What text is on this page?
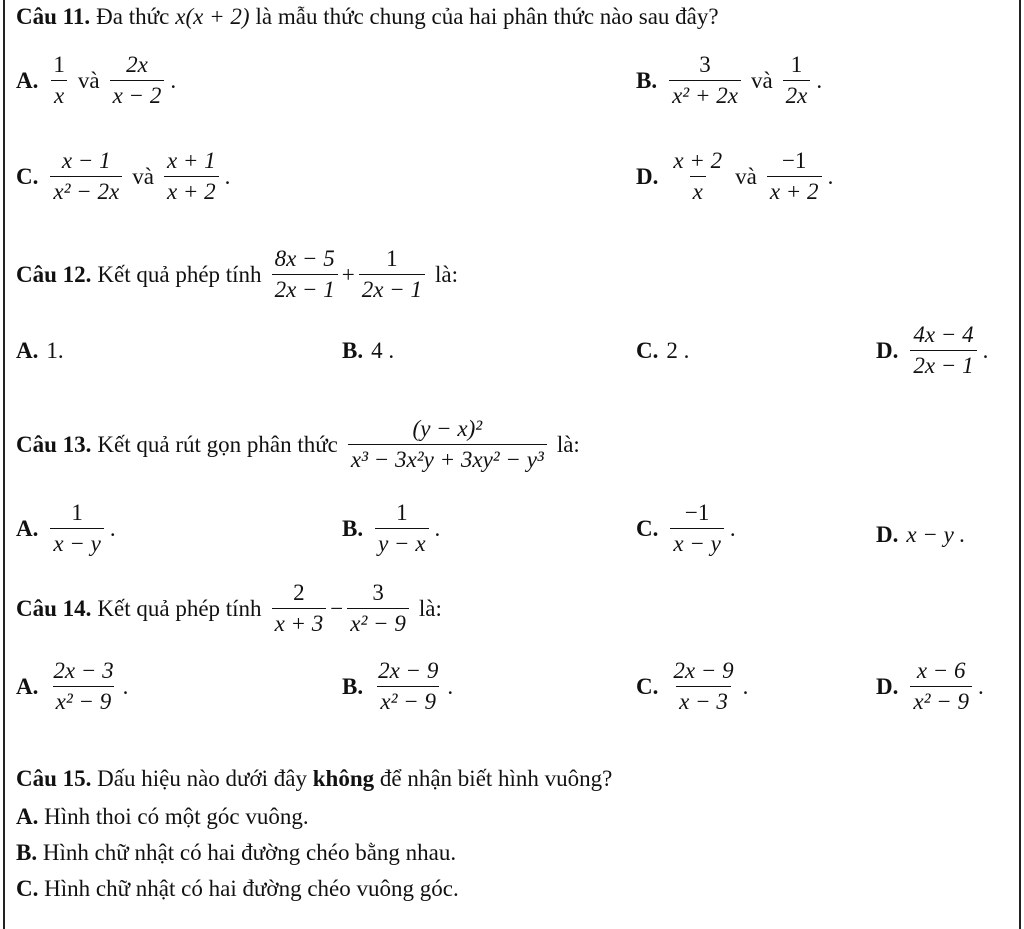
Câu 11. Đa thức x(x + 2) là mẫu thức chung của hai phân thức nào sau đây?
A. $\frac{1}{x}$ và $\frac{2x}{x - 2}$ .	B. $\frac{3}{\text{x² + 2x}}$ và $\frac{1}{2x}$ .
C. $\frac{x - 1}{\text{x² − 2x}}$ và $\frac{x + 1}{x + 2}$ .	D. $\frac{x + 2}{x}$ và $\frac{-1}{x + 2}$ .
Câu 12. Kết quả phép tính $\frac{8x - 5}{2x - 1} + \frac{1}{2x - 1}$ là:
A. 1.	B. 4 .	C. 2 .	D. $\frac{4x - 4}{2x - 1}$ .
Câu 13. Kết quả rút gọn phân thức $\frac{\text{(y − x)²}}{\text{x³ − 3x²y + 3xy² − y³}}$ là:
A. $\frac{1}{x - y}$ .	B. $\frac{1}{y - x}$ .	C. $\frac{-1}{x - y}$ .	D. x − y .
Câu 14. Kết quả phép tính $\frac{2}{x + 3} - \frac{3}{\text{x² − 9}}$ là:
A. $\frac{2x - 3}{\text{x² − 9}}$ .	B. $\frac{2x - 9}{\text{x² − 9}}$ .	C. $\frac{2x - 9}{x - 3}$ .	D. $\frac{x - 6}{\text{x² − 9}}$ .
Câu 15. Dấu hiệu nào dưới đây không để nhận biết hình vuông?
A. Hình thoi có một góc vuông.
B. Hình chữ nhật có hai đường chéo bằng nhau.
C. Hình chữ nhật có hai đường chéo vuông góc.
